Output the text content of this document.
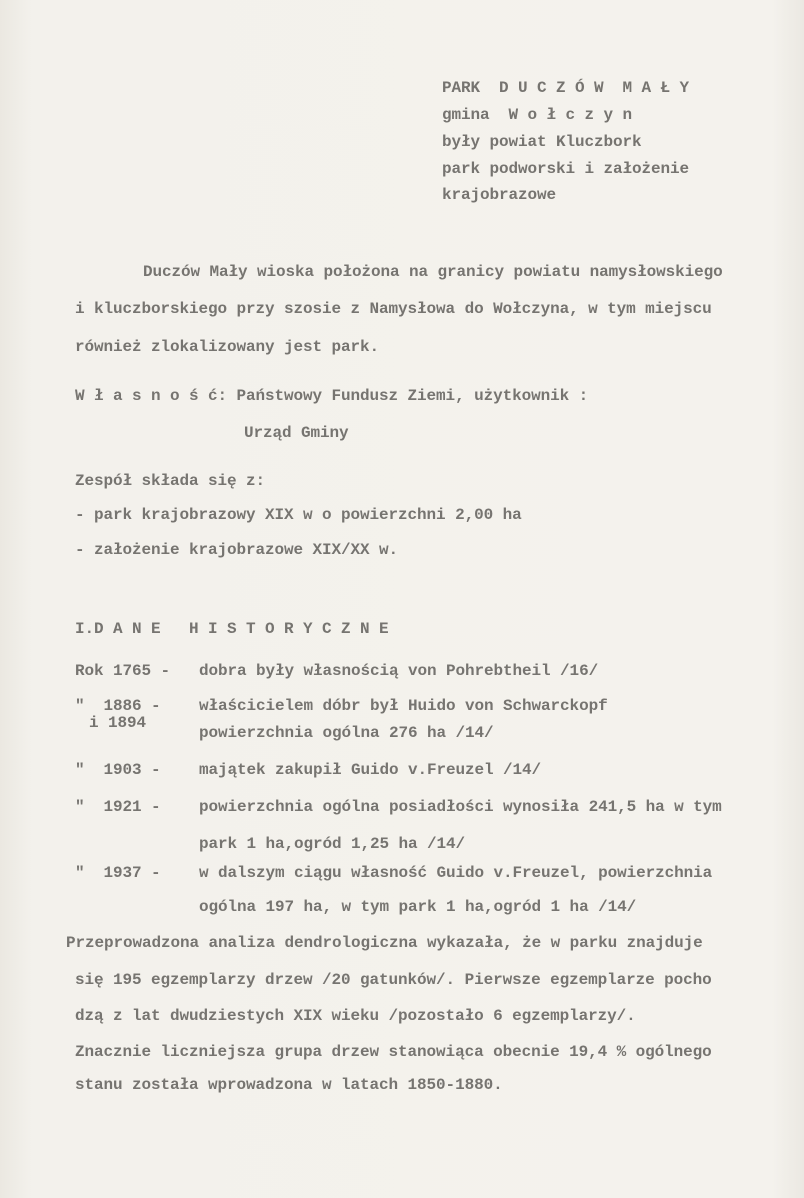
PARK  D U C Z Ó W  M A Ł Y
gmina  W o ł c z y n
były powiat Kluczbork
park podworski i założenie
krajobrazowe
Duczów Mały wioska położona na granicy powiatu namysłowskiego
i kluczborskiego przy szosie z Namysłowa do Wołczyna, w tym miejscu
również zlokalizowany jest park.
W ł a s n o ś ć: Państwowy Fundusz Ziemi, użytkownik :
Urząd Gminy
Zespół składa się z:
- park krajobrazowy XIX w o powierzchni 2,00 ha
- założenie krajobrazowe XIX/XX w.
I.D A N E   H I S T O R Y C Z N E
Rok 1765 - dobra były własnością von Pohrebtheil /16/
"  1886 -
i 1894
właścicielem dóbr był Huido von Schwarckopf
powierzchnia ogólna 276 ha /14/
"  1903 - majątek zakupił Guido v.Freuzel /14/
"  1921 - powierzchnia ogólna posiadłości wynosiła 241,5 ha w tym
park 1 ha,ogród 1,25 ha /14/
"  1937 - w dalszym ciągu własność Guido v.Freuzel, powierzchnia
ogólna 197 ha, w tym park 1 ha,ogród 1 ha /14/
Przeprowadzona analiza dendrologiczna wykazała, że w parku znajduje
się 195 egzemplarzy drzew /20 gatunków/. Pierwsze egzemplarze pocho
dzą z lat dwudziestych XIX wieku /pozostało 6 egzemplarzy/.
Znacznie liczniejsza grupa drzew stanowiąca obecnie 19,4 % ogólnego
stanu została wprowadzona w latach 1850-1880.
